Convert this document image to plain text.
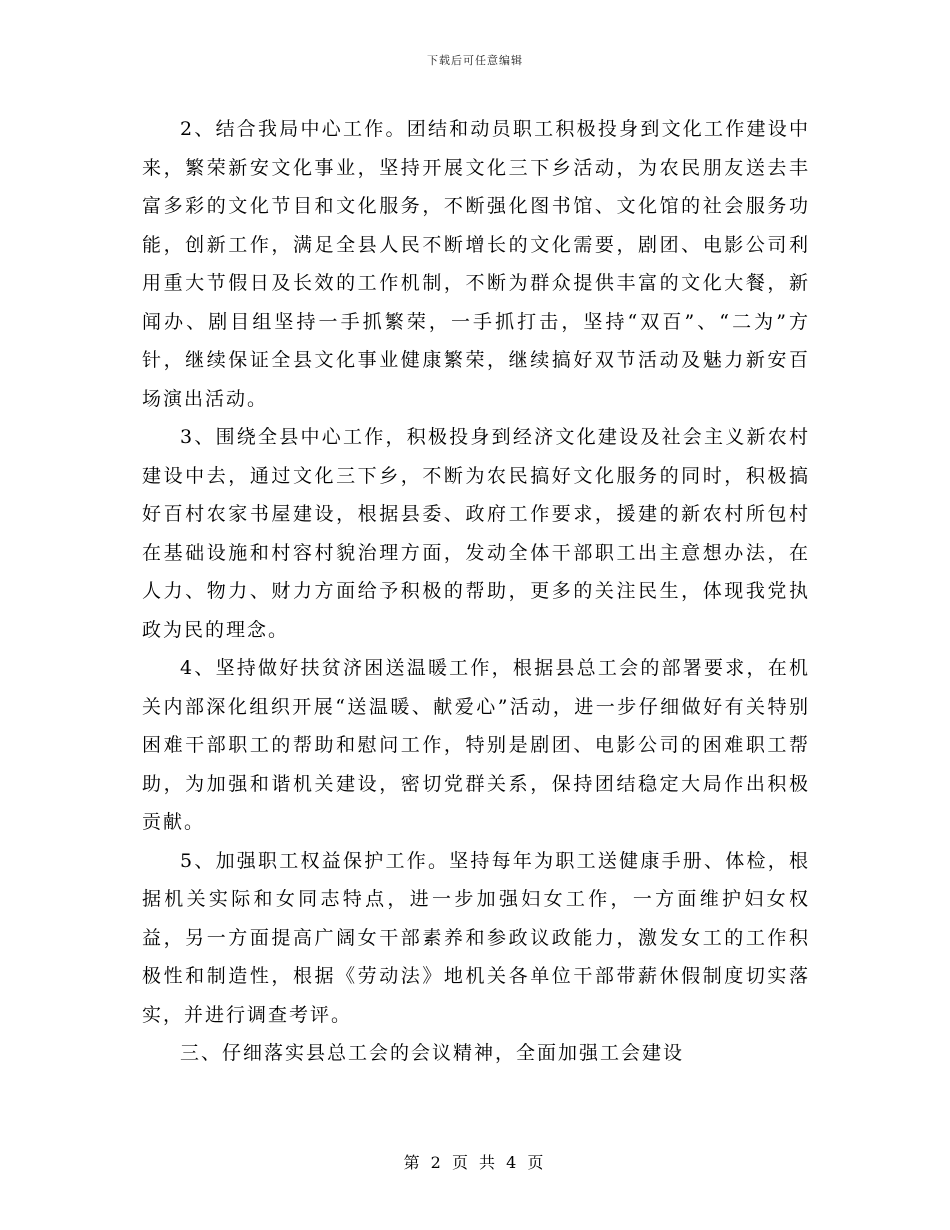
下载后可任意编辑

2、结合我局中心工作。团结和动员职工积极投身到文化工作建设中来，繁荣新安文化事业，坚持开展文化三下乡活动，为农民朋友送去丰富多彩的文化节目和文化服务，不断强化图书馆、文化馆的社会服务功能，创新工作，满足全县人民不断增长的文化需要，剧团、电影公司利用重大节假日及长效的工作机制，不断为群众提供丰富的文化大餐，新闻办、剧目组坚持一手抓繁荣，一手抓打击，坚持“双百”、“二为”方针，继续保证全县文化事业健康繁荣，继续搞好双节活动及魅力新安百场演出活动。

3、围绕全县中心工作，积极投身到经济文化建设及社会主义新农村建设中去，通过文化三下乡，不断为农民搞好文化服务的同时，积极搞好百村农家书屋建设，根据县委、政府工作要求，援建的新农村所包村在基础设施和村容村貌治理方面，发动全体干部职工出主意想办法，在人力、物力、财力方面给予积极的帮助，更多的关注民生，体现我党执政为民的理念。

4、坚持做好扶贫济困送温暖工作，根据县总工会的部署要求，在机关内部深化组织开展“送温暖、献爱心”活动，进一步仔细做好有关特别困难干部职工的帮助和慰问工作，特别是剧团、电影公司的困难职工帮助，为加强和谐机关建设，密切党群关系，保持团结稳定大局作出积极贡献。

5、加强职工权益保护工作。坚持每年为职工送健康手册、体检，根据机关实际和女同志特点，进一步加强妇女工作，一方面维护妇女权益，另一方面提高广阔女干部素养和参政议政能力，激发女工的工作积极性和制造性，根据《劳动法》地机关各单位干部带薪休假制度切实落实，并进行调查考评。

三、仔细落实县总工会的会议精神，全面加强工会建设

第 2 页 共 4 页
